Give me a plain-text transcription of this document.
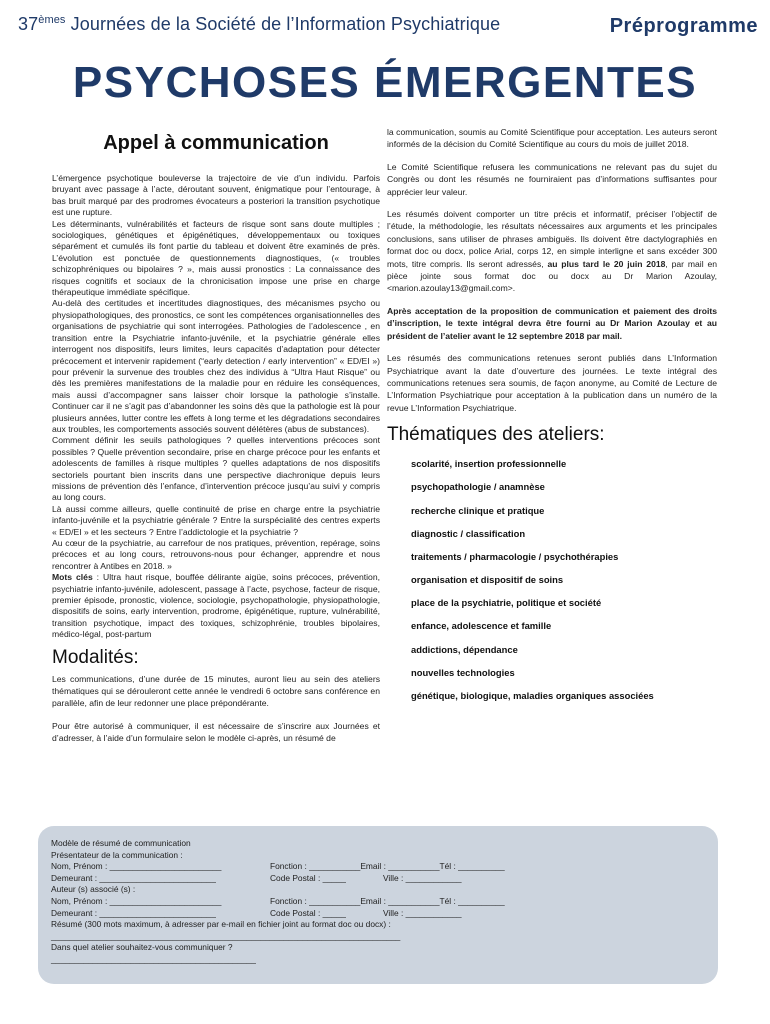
37èmes Journées de la Société de l’Information Psychiatrique	Préprogramme
PSYCHOSES ÉMERGENTES
Appel à communication

L’émergence psychotique bouleverse la trajectoire de vie d’un individu. Parfois bruyant avec passage à l’acte, déroutant souvent, énigmatique pour l’entourage, à bas bruit marqué par des prodromes évocateurs a posteriori la transition psychotique est une rupture.

Les déterminants, vulnérabilités et facteurs de risque sont sans doute multiples ; sociologiques, génétiques et épigénétiques, développementaux ou toxiques séparément et cumulés ils font partie du tableau et doivent être examinés de près. L’évolution est ponctuée de questionnements diagnostiques, (« troubles schizophréniques ou bipolaires ? », mais aussi pronostics : La connaissance des risques cognitifs et sociaux de la chronicisation impose une prise en charge thérapeutique immédiate spécifique.

Au-delà des certitudes et incertitudes diagnostiques, des mécanismes psycho ou physiopathologiques, des pronostics, ce sont les compétences organisationnelles des organisations de psychiatrie qui sont interrogées. Pathologies de l’adolescence , en transition entre la Psychiatrie infanto-juvénile, et la psychiatrie générale elles interrogent nos dispositifs, leurs limites, leurs capacités d’adaptation pour détecter précocement et intervenir rapidement (“early detection / early intervention” « ED/EI ») pour prévenir la survenue des troubles chez des individus à “Ultra Haut Risque” ou dès les premières manifestations de la maladie pour en réduire les conséquences, mais aussi d’accompagner sans laisser choir lorsque la pathologie s’installe. Continuer car il ne s’agit pas d’abandonner les soins dès que la pathologie est là pour plusieurs années, lutter contre les effets à long terme et les dégradations secondaires aux troubles, les comportements associés souvent délétères (abus de substances).

Comment définir les seuils pathologiques ? quelles interventions précoces sont possibles ? Quelle prévention secondaire, prise en charge précoce pour les enfants et adolescents de familles à risque multiples ? quelles adaptations de nos dispositifs sectoriels pourtant bien inscrits dans une perspective diachronique depuis leurs missions de prévention dès l’enfance, d’intervention précoce jusqu’au suivi y compris au long cours.

Là aussi comme ailleurs, quelle continuité de prise en charge entre la psychiatrie infanto-juvénile et la psychiatrie générale ? Entre la surspécialité des centres experts « ED/EI » et les secteurs ? Entre l’addictologie et la psychiatrie ?

Au cœur de la psychiatrie, au carrefour de nos pratiques, prévention, repérage, soins précoces et au long cours, retrouvons-nous pour échanger, apprendre et nous rencontrer à Antibes en 2018. »

Mots clés : Ultra haut risque, bouffée délirante aigüe, soins précoces, prévention, psychiatrie infanto-juvénile, adolescent, passage à l’acte, psychose, facteur de risque, premier épisode, pronostic, violence, sociologie, psychopathologie, physiopathologie, dispositifs de soins, early intervention, prodrome, épigénétique, rupture, vulnérabilité, transition psychotique, impact des toxiques, schizophrénie, troubles bipolaires, médico-légal, post-partum

Modalités:

Les communications, d’une durée de 15 minutes, auront lieu au sein des ateliers thématiques qui se dérouleront cette année le vendredi 6 octobre sans conférence en parallèle, afin de leur redonner une place prépondérante.

Pour être autorisé à communiquer, il est nécessaire de s’inscrire aux Journées et d’adresser, à l’aide d’un formulaire selon le modèle ci-après, un résumé de

la communication, soumis au Comité Scientifique pour acceptation. Les auteurs seront informés de la décision du Comité Scientifique au cours du mois de juillet 2018.

Le Comité Scientifique refusera les communications ne relevant pas du sujet du Congrès ou dont les résumés ne fourniraient pas d’informations suffisantes pour apprécier leur valeur.

Les résumés doivent comporter un titre précis et informatif, préciser l’objectif de l’étude, la méthodologie, les résultats nécessaires aux arguments et les principales conclusions, sans utiliser de phrases ambiguës. Ils doivent être dactylographiés en format doc ou docx, police Arial, corps 12, en simple interligne et sans excéder 300 mots, titre compris. Ils seront adressés, au plus tard le 20 juin 2018, par mail en pièce jointe sous format doc ou docx au Dr Marion Azoulay, <marion.azoulay13@gmail.com>.

Après acceptation de la proposition de communication et paiement des droits d’inscription, le texte intégral devra être fourni au Dr Marion Azoulay et au président de l’atelier avant le 12 septembre 2018 par mail.

Les résumés des communications retenues seront publiés dans L’Information Psychiatrique avant la date d’ouverture des journées. Le texte intégral des communications retenues sera soumis, de façon anonyme, au Comité de Lecture de L’Information Psychiatrique pour acceptation à la publication dans un numéro de la revue L’Information Psychiatrique.

Thématiques des ateliers:
scolarité, insertion professionnelle
psychopathologie / anamnèse
recherche clinique et pratique
diagnostic / classification
traitements / pharmacologie / psychothérapies
organisation et dispositif de soins
place de la psychiatrie, politique et société
enfance, adolescence et famille
addictions, dépendance
nouvelles technologies
génétique, biologique, maladies organiques associées
Modèle de résumé de communication
Présentateur de la communication :
Nom, Prénom : ________________________	Fonction : ___________Email : ___________Tél : __________
Demeurant : _________________________	Code Postal : _____	Ville : ____________
Auteur (s) associé (s) :
Nom, Prénom : ________________________	Fonction : ___________Email : ___________Tél : __________
Demeurant : _________________________	Code Postal : _____	Ville : ____________
Résumé (300 mots maximum, à adresser par e-mail en fichier joint au format doc ou docx) :
___________________________________________________________________________
Dans quel atelier souhaitez-vous communiquer ?
____________________________________________
